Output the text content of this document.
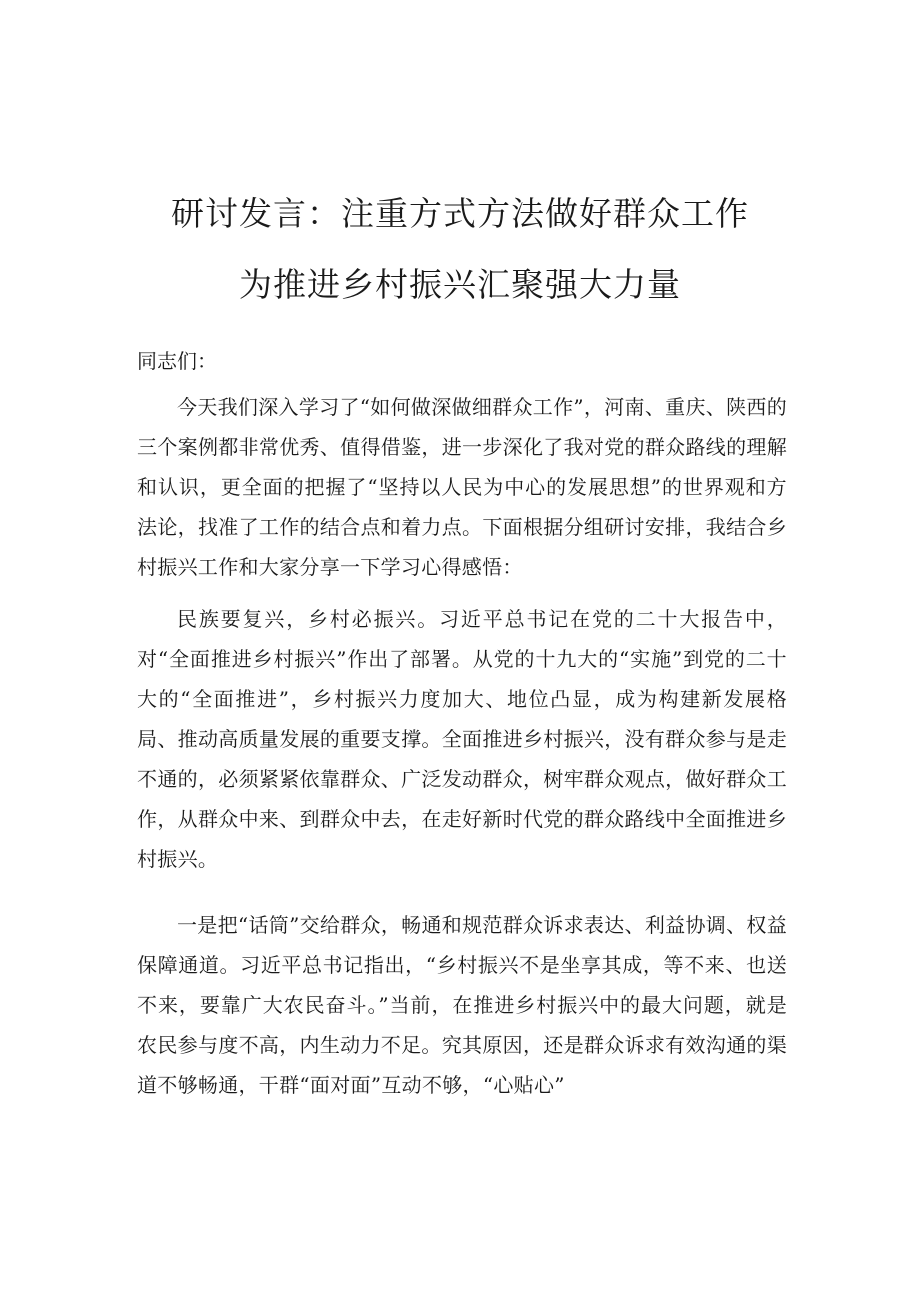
研讨发言：注重方式方法做好群众工作
为推进乡村振兴汇聚强大力量
同志们：

今天我们深入学习了“如何做深做细群众工作”，河南、重庆、陕西的三个案例都非常优秀、值得借鉴，进一步深化了我对党的群众路线的理解和认识，更全面的把握了“坚持以人民为中心的发展思想”的世界观和方法论，找准了工作的结合点和着力点。下面根据分组研讨安排，我结合乡村振兴工作和大家分享一下学习心得感悟：

民族要复兴，乡村必振兴。习近平总书记在党的二十大报告中，对“全面推进乡村振兴”作出了部署。从党的十九大的“实施”到党的二十大的“全面推进”，乡村振兴力度加大、地位凸显，成为构建新发展格局、推动高质量发展的重要支撑。全面推进乡村振兴，没有群众参与是走不通的，必须紧紧依靠群众、广泛发动群众，树牢群众观点，做好群众工作，从群众中来、到群众中去，在走好新时代党的群众路线中全面推进乡村振兴。

一是把“话筒”交给群众，畅通和规范群众诉求表达、利益协调、权益保障通道。习近平总书记指出，“乡村振兴不是坐享其成，等不来、也送不来，要靠广大农民奋斗。”当前，在推进乡村振兴中的最大问题，就是农民参与度不高，内生动力不足。究其原因，还是群众诉求有效沟通的渠道不够畅通，干群“面对面”互动不够，“心贴心”
